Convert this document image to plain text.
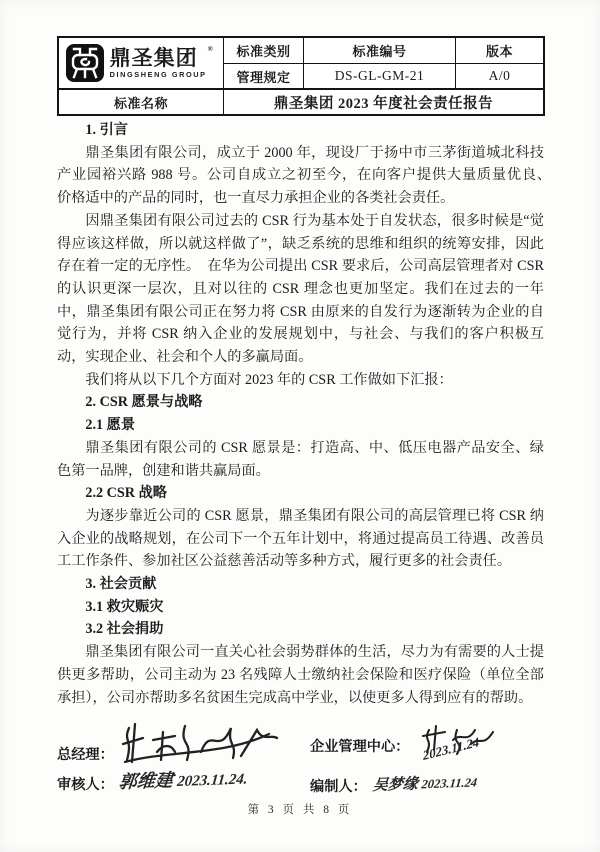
鼎圣集团
DINGSHENG GROUP
®	标准类别	标准编号	版本
管理规定	DS-GL-GM-21	A/0
标准名称	鼎圣集团 2023 年度社会责任报告

1. 引言

鼎圣集团有限公司，成立于 2000 年，现设厂于扬中市三茅街道城北科技产业园裕兴路 988 号。公司自成立之初至今，在向客户提供大量质量优良、　价格适中的产品的同时，也一直尽力承担企业的各类社会责任。

因鼎圣集团有限公司过去的 CSR 行为基本处于自发状态，很多时候是“觉得应该这样做，所以就这样做了”，缺乏系统的思维和组织的统筹安排，因此存在着一定的无序性。　在华为公司提出 CSR 要求后，公司高层管理者对 CSR 的认识更深一层次，且对以往的 CSR 理念也更加坚定。我们在过去的一年中，鼎圣集团有限公司正在努力将 CSR 由原来的自发行为逐渐转为企业的自觉行为，并将 CSR 纳入企业的发展规划中，与社会、与我们的客户积极互动，实现企业、社会和个人的多赢局面。

我们将从以下几个方面对 2023 年的 CSR 工作做如下汇报：

2. CSR 愿景与战略

2.1 愿景

鼎圣集团有限公司的 CSR 愿景是：打造高、中、低压电器产品安全、绿色第一品牌，创建和谐共赢局面。

2.2 CSR 战略

为逐步靠近公司的 CSR 愿景，鼎圣集团有限公司的高层管理已将 CSR 纳入企业的战略规划，在公司下一个五年计划中，将通过提高员工待遇、改善员工工作条件、参加社区公益慈善活动等多种方式，履行更多的社会责任。

3. 社会贡献

3.1 救灾赈灾

3.2 社会捐助

鼎圣集团有限公司一直关心社会弱势群体的生活，尽力为有需要的人士提供更多帮助，公司主动为 23 名残障人士缴纳社会保险和医疗保险（单位全部承担），公司亦帮助多名贫困生完成高中学业，以使更多人得到应有的帮助。

总经理：	企业管理中心： 2023.11.24
审核人： 郭维建 2023.11.24.	编制人： 吴梦缘 2023.11.24
第 3 页 共 8 页
